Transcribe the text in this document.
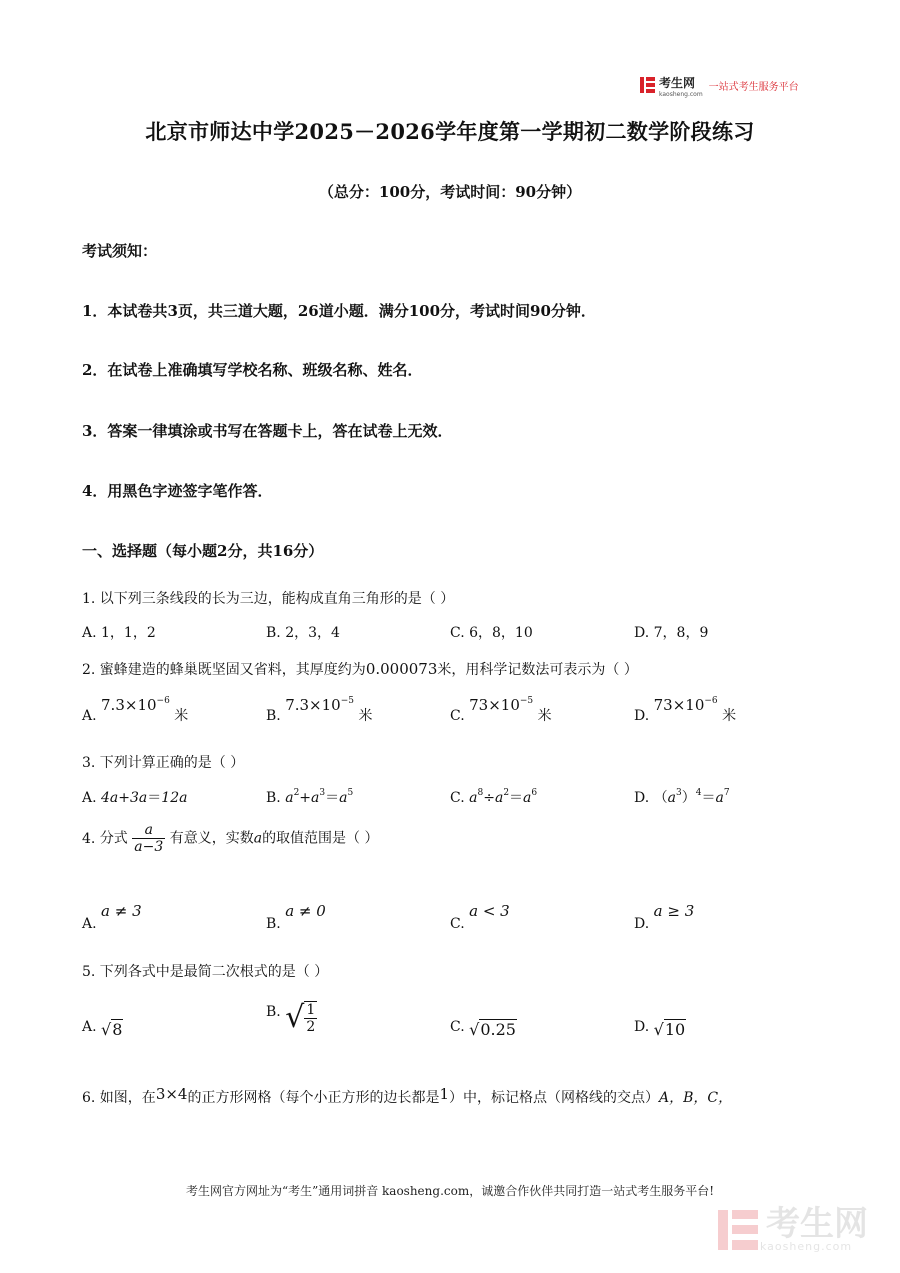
考生网
kaosheng.com
一站式考生服务平台
北京市师达中学2025－2026学年度第一学期初二数学阶段练习
（总分：100分，考试时间：90分钟）
考试须知：
1．本试卷共3页，共三道大题，26道小题．满分100分，考试时间90分钟．
2．在试卷上准确填写学校名称、班级名称、姓名．
3．答案一律填涂或书写在答题卡上，答在试卷上无效．
4．用黑色字迹签字笔作答．
一、选择题（每小题2分，共16分）
1. 以下列三条线段的长为三边，能构成直角三角形的是（ ）
A. 1，1，2	B. 2，3，4	C. 6，8，10	D. 7，8，9
2. 蜜蜂建造的蜂巢既坚固又省料，其厚度约为0.000073米，用科学记数法可表示为（ ）
A. $7.3\times 10^{-6}$ 米	B. $7.3\times 10^{-5}$ 米	C. $73\times 10^{-5}$ 米	D. $73\times 10^{-6}$ 米
3. 下列计算正确的是（ ）
A. 4a+3a＝12a	B. $a^2+a^3=a^5$	C. $a^8\div a^2=a^6$	D. $(a^3)^4=a^7$
4. 分式 $\frac{a}{a-3}$ 有意义，实数a的取值范围是（ ）
A. a ≠ 3
B. a ≠ 0
C. a < 3
D. a ≥ 3
5. 下列各式中是最简二次根式的是（ ）
A. √8
B. √ $\frac{1}{2}$	C. √0.25	D. √10
6. 如图，在3×4的正方形网格（每个小正方形的边长都是1）中，标记格点（网格线的交点）A，B，C，
考生网官方网址为“考生”通用词拼音 kaosheng.com，诚邀合作伙伴共同打造一站式考生服务平台!
考生网
kaosheng.com
